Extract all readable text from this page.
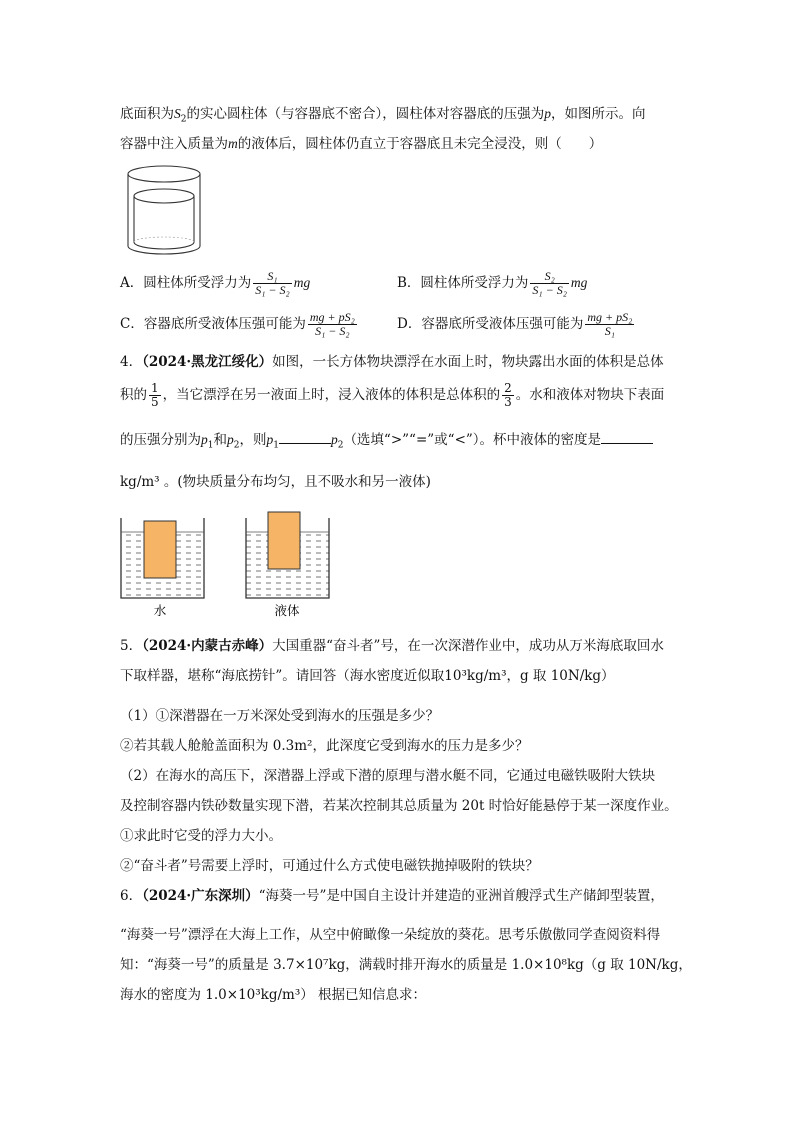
底面积为$S_2$的实心圆柱体（与容器底不密合），圆柱体对容器底的压强为p，如图所示。向
容器中注入质量为m的液体后，圆柱体仍直立于容器底且未完全浸没，则（　　）
A．圆柱体所受浮力为 $\frac{\text{S₁}}{\text{S₁ − S₂}}$ mg	B．圆柱体所受浮力为 $\frac{\text{S₂}}{\text{S₁ − S₂}}$ mg
C．容器底所受液体压强可能为 $\frac{\text{mg + pS₂}}{\text{S₁ − S₂}}$	D．容器底所受液体压强可能为 $\frac{\text{mg + pS₂}}{\text{S₁}}$
4．（2024·黑龙江绥化）如图，一长方体物块漂浮在水面上时，物块露出水面的体积是总体
积的 $\frac{1}{5}$ ，当它漂浮在另一液面上时，浸入液体的体积是总体积的 $\frac{2}{3}$ 。水和液体对物块下表面
的压强分别为$p_1$和$p_2$，则$p_1$	$p_2$（选填“>”“=”或“<”）。杯中液体的密度是
kg/m³ 。(物块质量分布均匀，且不吸水和另一液体)
水	液体
5．（2024·内蒙古赤峰）大国重器“奋斗者”号，在一次深潜作业中，成功从万米海底取回水
下取样器，堪称“海底捞针”。请回答（海水密度近似取10³kg/m³，g 取 10N/kg）
（1）①深潜器在一万米深处受到海水的压强是多少？
②若其载人舱舱盖面积为 0.3m²，此深度它受到海水的压力是多少？
（2）在海水的高压下，深潜器上浮或下潜的原理与潜水艇不同，它通过电磁铁吸附大铁块
及控制容器内铁砂数量实现下潜，若某次控制其总质量为 20t 时恰好能悬停于某一深度作业。
①求此时它受的浮力大小。
②“奋斗者”号需要上浮时，可通过什么方式使电磁铁抛掉吸附的铁块？
6．（2024·广东深圳）“海葵一号”是中国自主设计并建造的亚洲首艘浮式生产储卸型装置，
“海葵一号”漂浮在大海上工作，从空中俯瞰像一朵绽放的葵花。思考乐傲傲同学查阅资料得
知：“海葵一号”的质量是 3.7×10⁷kg，满载时排开海水的质量是 1.0×10⁸kg（g 取 10N/kg，
海水的密度为 1.0×10³kg/m³） 根据已知信息求：
